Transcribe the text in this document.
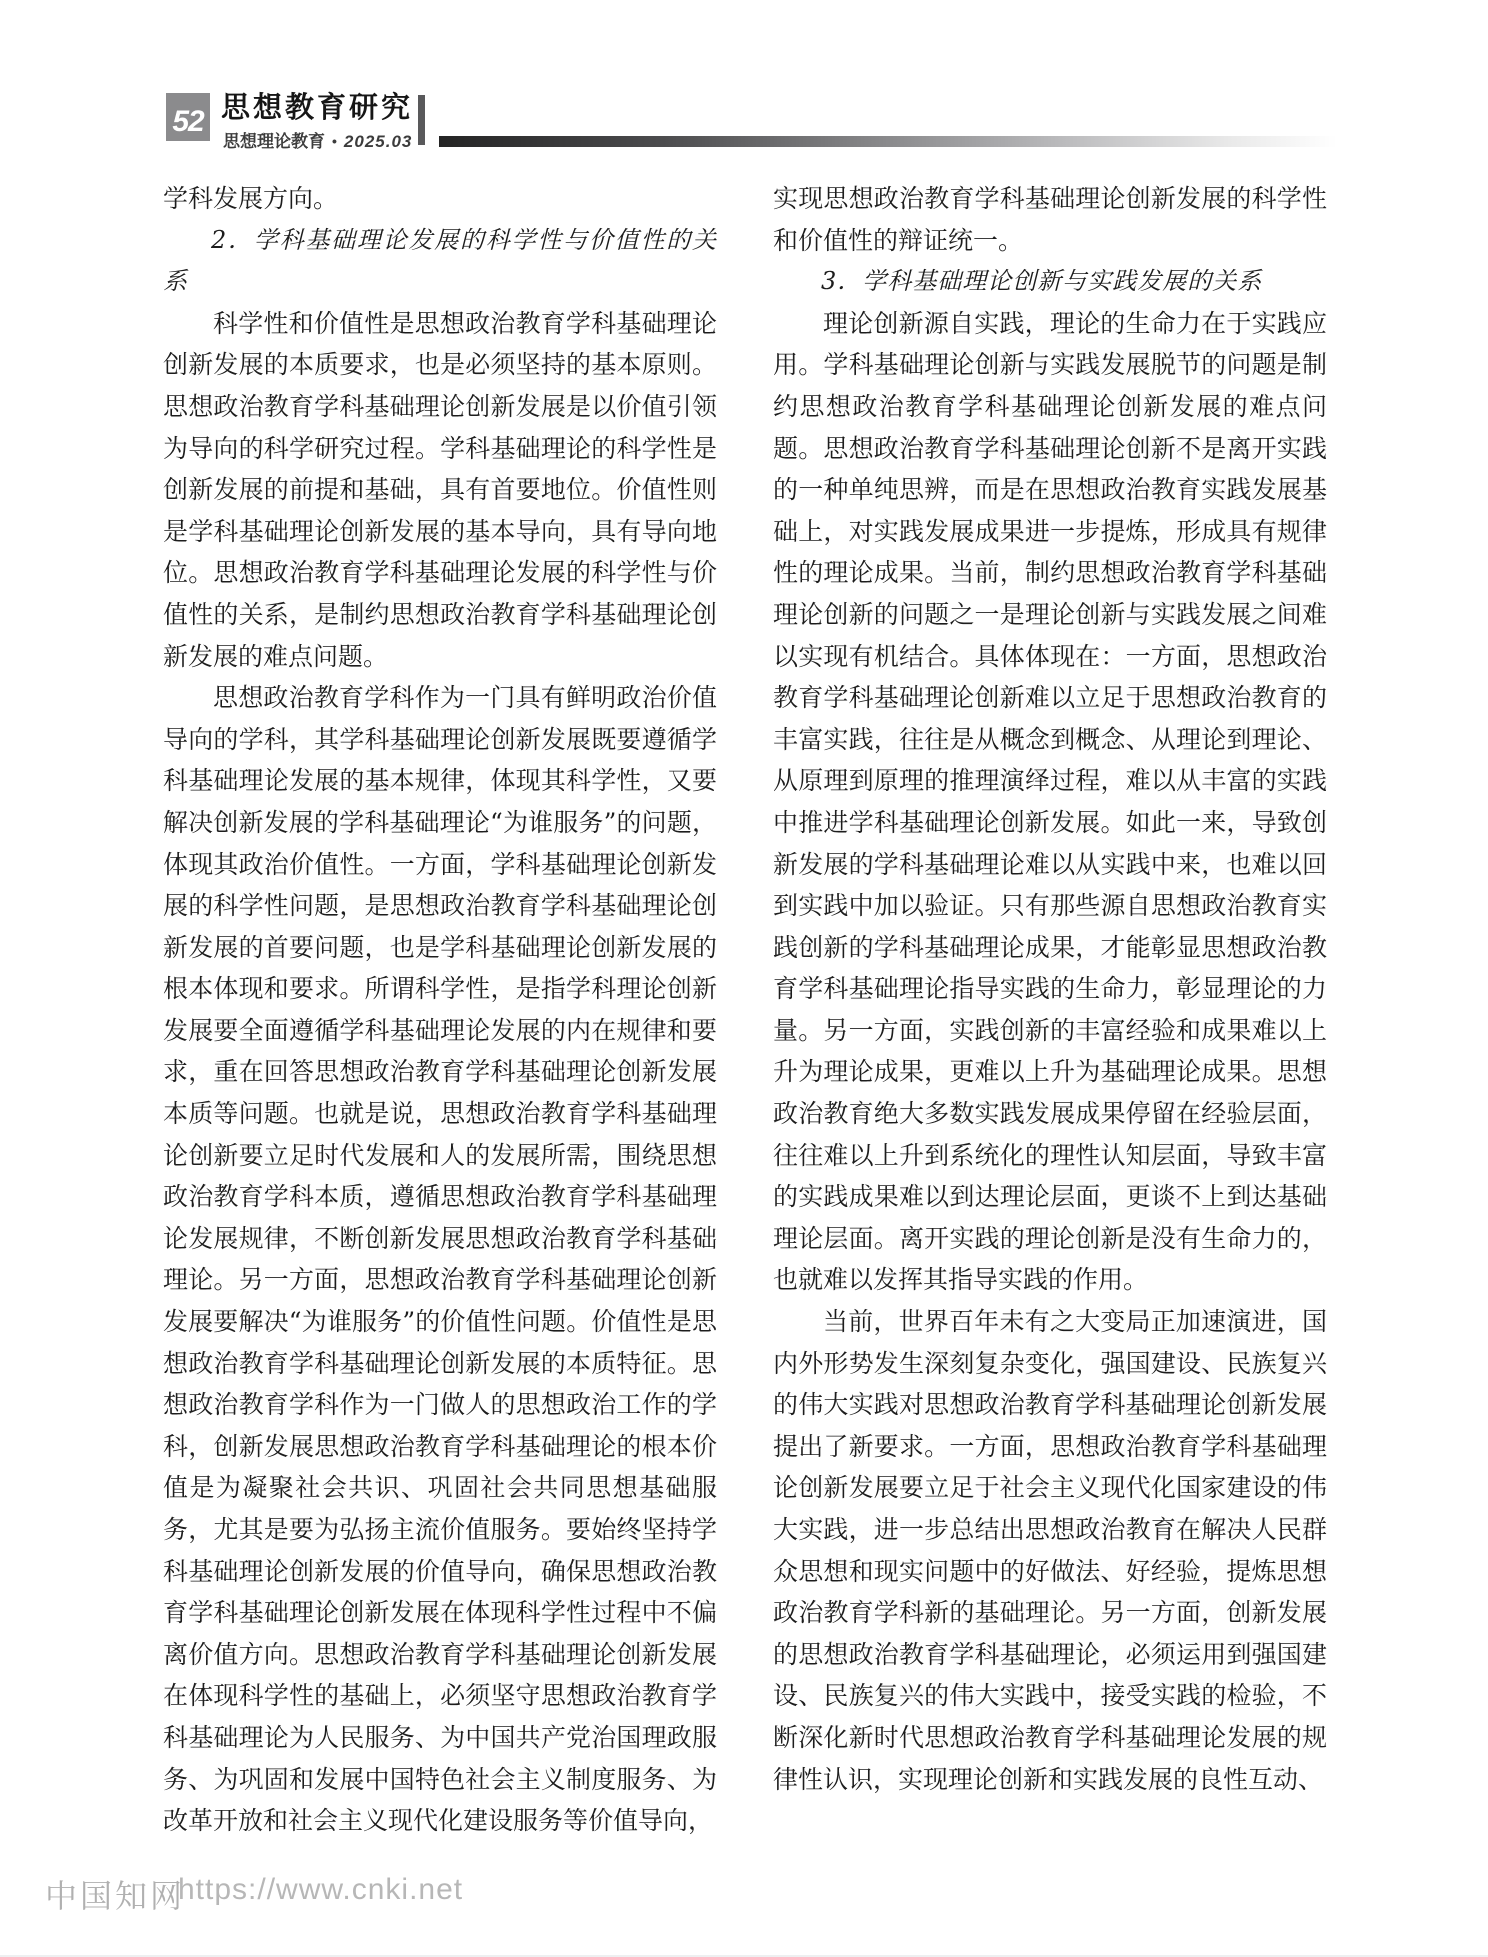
52 思想教育研究
思想理论教育 • 2025.03

学科发展方向。

2．学科基础理论发展的科学性与价值性的关系

科学性和价值性是思想政治教育学科基础理论创新发展的本质要求，也是必须坚持的基本原则。思想政治教育学科基础理论创新发展是以价值引领为导向的科学研究过程。学科基础理论的科学性是创新发展的前提和基础，具有首要地位。价值性则是学科基础理论创新发展的基本导向，具有导向地位。思想政治教育学科基础理论发展的科学性与价值性的关系，是制约思想政治教育学科基础理论创新发展的难点问题。

思想政治教育学科作为一门具有鲜明政治价值导向的学科，其学科基础理论创新发展既要遵循学科基础理论发展的基本规律，体现其科学性，又要解决创新发展的学科基础理论“为谁服务”的问题，体现其政治价值性。一方面，学科基础理论创新发展的科学性问题，是思想政治教育学科基础理论创新发展的首要问题，也是学科基础理论创新发展的根本体现和要求。所谓科学性，是指学科理论创新发展要全面遵循学科基础理论发展的内在规律和要求，重在回答思想政治教育学科基础理论创新发展本质等问题。也就是说，思想政治教育学科基础理论创新要立足时代发展和人的发展所需，围绕思想政治教育学科本质，遵循思想政治教育学科基础理论发展规律，不断创新发展思想政治教育学科基础理论。另一方面，思想政治教育学科基础理论创新发展要解决“为谁服务”的价值性问题。价值性是思想政治教育学科基础理论创新发展的本质特征。思想政治教育学科作为一门做人的思想政治工作的学科，创新发展思想政治教育学科基础理论的根本价值是为凝聚社会共识、巩固社会共同思想基础服务，尤其是要为弘扬主流价值服务。要始终坚持学科基础理论创新发展的价值导向，确保思想政治教育学科基础理论创新发展在体现科学性过程中不偏离价值方向。思想政治教育学科基础理论创新发展在体现科学性的基础上，必须坚守思想政治教育学科基础理论为人民服务、为中国共产党治国理政服务、为巩固和发展中国特色社会主义制度服务、为改革开放和社会主义现代化建设服务等价值导向，

实现思想政治教育学科基础理论创新发展的科学性和价值性的辩证统一。

3．学科基础理论创新与实践发展的关系

理论创新源自实践，理论的生命力在于实践应用。学科基础理论创新与实践发展脱节的问题是制约思想政治教育学科基础理论创新发展的难点问题。思想政治教育学科基础理论创新不是离开实践的一种单纯思辨，而是在思想政治教育实践发展基础上，对实践发展成果进一步提炼，形成具有规律性的理论成果。当前，制约思想政治教育学科基础理论创新的问题之一是理论创新与实践发展之间难以实现有机结合。具体体现在：一方面，思想政治教育学科基础理论创新难以立足于思想政治教育的丰富实践，往往是从概念到概念、从理论到理论、从原理到原理的推理演绎过程，难以从丰富的实践中推进学科基础理论创新发展。如此一来，导致创新发展的学科基础理论难以从实践中来，也难以回到实践中加以验证。只有那些源自思想政治教育实践创新的学科基础理论成果，才能彰显思想政治教育学科基础理论指导实践的生命力，彰显理论的力量。另一方面，实践创新的丰富经验和成果难以上升为理论成果，更难以上升为基础理论成果。思想政治教育绝大多数实践发展成果停留在经验层面，往往难以上升到系统化的理性认知层面，导致丰富的实践成果难以到达理论层面，更谈不上到达基础理论层面。离开实践的理论创新是没有生命力的，也就难以发挥其指导实践的作用。

当前，世界百年未有之大变局正加速演进，国内外形势发生深刻复杂变化，强国建设、民族复兴的伟大实践对思想政治教育学科基础理论创新发展提出了新要求。一方面，思想政治教育学科基础理论创新发展要立足于社会主义现代化国家建设的伟大实践，进一步总结出思想政治教育在解决人民群众思想和现实问题中的好做法、好经验，提炼思想政治教育学科新的基础理论。另一方面，创新发展的思想政治教育学科基础理论，必须运用到强国建设、民族复兴的伟大实践中，接受实践的检验，不断深化新时代思想政治教育学科基础理论发展的规律性认识，实现理论创新和实践发展的良性互动、

中国知网
https://www.cnki.net
